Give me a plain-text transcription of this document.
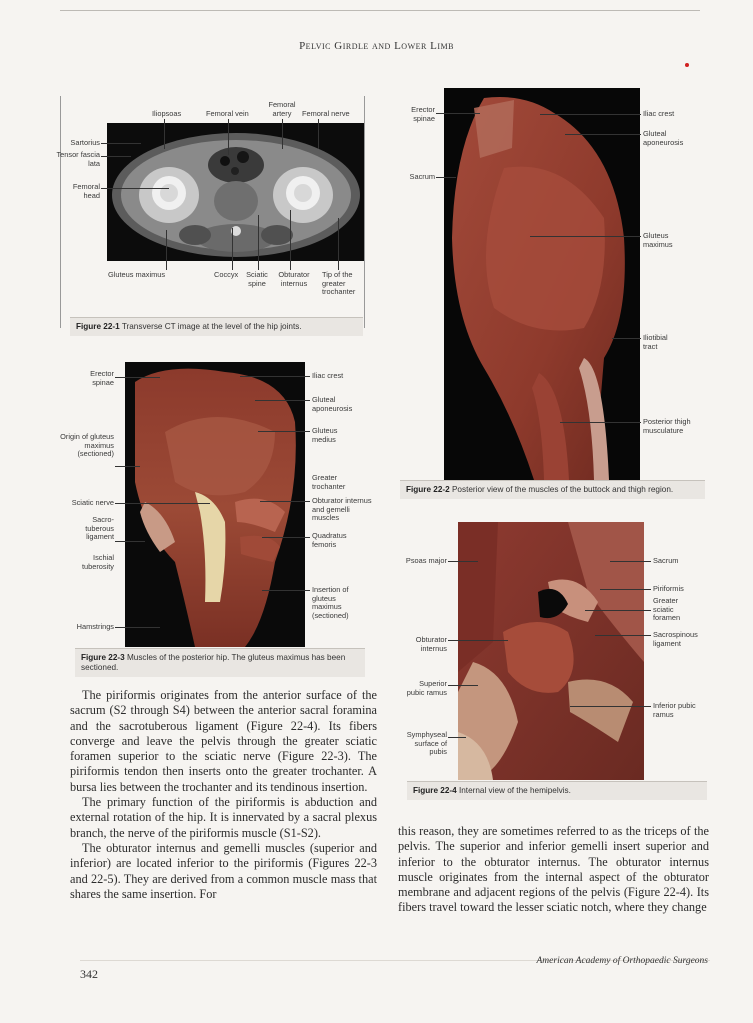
Pelvic Girdle and Lower Limb
Iliopsoas	Femoral vein
Femoral artery	Femoral nerve
Sartorius
Tensor fascia lata
Femoral head
Gluteus maximus	Coccyx Sciatic spine
Obturator internus
Tip of the greater trochanter
Figure 22-1 Transverse CT image at the level of the hip joints.
Erector spinae
Origin of gluteus maximus (sectioned)
Sciatic nerve
Sacro-tuberous ligament
Ischial tuberosity
Hamstrings
Iliac crest
Gluteal aponeurosis
Gluteus medius
Greater trochanter
Obturator internus and gemelli muscles
Quadratus femoris
Insertion of gluteus maximus (sectioned)
Figure 22-3 Muscles of the posterior hip. The gluteus maximus has been sectioned.
Erector spinae
Sacrum
Iliac crest
Gluteal aponeurosis
Gluteus maximus
Iliotibial tract
Posterior thigh musculature
Figure 22-2 Posterior view of the muscles of the buttock and thigh region.
Psoas major
Obturator internus
Superior pubic ramus
Symphyseal surface of pubis
Sacrum
Piriformis
Greater sciatic foramen
Sacrospinous ligament
Inferior pubic ramus
Figure 22-4 Internal view of the hemipelvis.

The piriformis originates from the anterior surface of the sacrum (S2 through S4) between the anterior sacral foramina and the sacrotuberous ligament (Figure 22-4). Its fibers converge and leave the pelvis through the greater sciatic foramen superior to the sciatic nerve (Figure 22-3). The piriformis tendon then inserts onto the greater trochanter. A bursa lies between the trochanter and its tendinous insertion.

The primary function of the piriformis is abduction and external rotation of the hip. It is innervated by a sacral plexus branch, the nerve of the piriformis muscle (S1-S2).

The obturator internus and gemelli muscles (superior and inferior) are located inferior to the piriformis (Figures 22-3 and 22-5). They are derived from a common muscle mass that shares the same insertion. For

this reason, they are sometimes referred to as the triceps of the pelvis. The superior and inferior gemelli insert superior and inferior to the obturator internus. The obturator internus muscle originates from the internal aspect of the obturator membrane and adjacent regions of the pelvis (Figure 22-4). Its fibers travel toward the lesser sciatic notch, where they change

American Academy of Orthopaedic Surgeons
342
